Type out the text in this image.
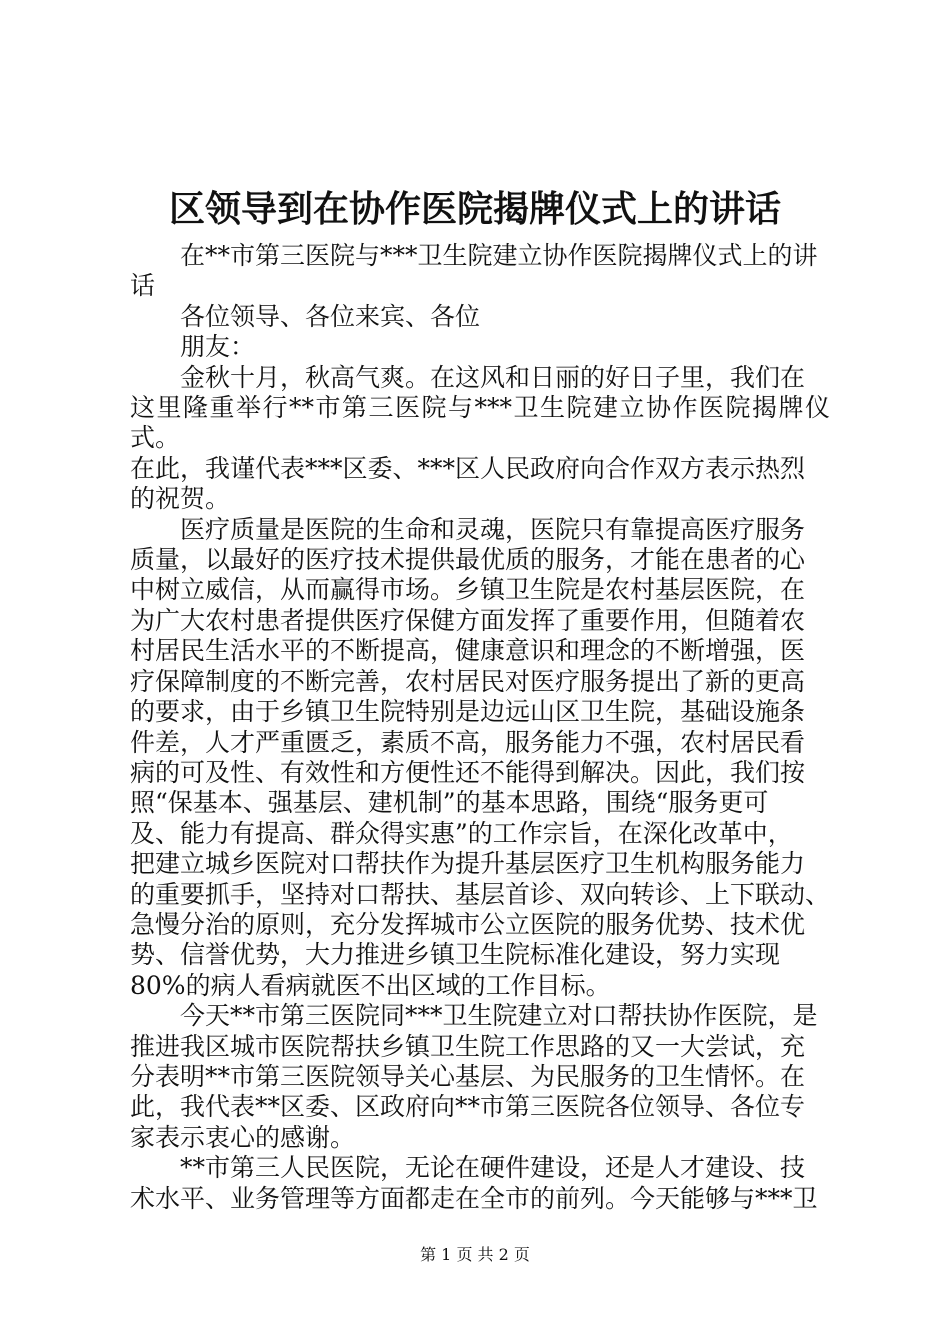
区领导到在协作医院揭牌仪式上的讲话

在**市第三医院与***卫生院建立协作医院揭牌仪式上的讲
话

各位领导、各位来宾、各位

朋友：

金秋十月，秋高气爽。在这风和日丽的好日子里，我们在
这里隆重举行**市第三医院与***卫生院建立协作医院揭牌仪式。
在此，我谨代表***区委、***区人民政府向合作双方表示热烈
的祝贺。

医疗质量是医院的生命和灵魂，医院只有靠提高医疗服务
质量，以最好的医疗技术提供最优质的服务，才能在患者的心
中树立威信，从而赢得市场。乡镇卫生院是农村基层医院，在
为广大农村患者提供医疗保健方面发挥了重要作用，但随着农
村居民生活水平的不断提高，健康意识和理念的不断增强，医
疗保障制度的不断完善，农村居民对医疗服务提出了新的更高
的要求，由于乡镇卫生院特别是边远山区卫生院，基础设施条
件差，人才严重匮乏，素质不高，服务能力不强，农村居民看
病的可及性、有效性和方便性还不能得到解决。因此，我们按
照“保基本、强基层、建机制”的基本思路，围绕“服务更可
及、能力有提高、群众得实惠”的工作宗旨，在深化改革中，
把建立城乡医院对口帮扶作为提升基层医疗卫生机构服务能力
的重要抓手，坚持对口帮扶、基层首诊、双向转诊、上下联动、
急慢分治的原则，充分发挥城市公立医院的服务优势、技术优
势、信誉优势，大力推进乡镇卫生院标准化建设，努力实现
80%的病人看病就医不出区域的工作目标。

今天**市第三医院同***卫生院建立对口帮扶协作医院，是
推进我区城市医院帮扶乡镇卫生院工作思路的又一大尝试，充
分表明**市第三医院领导关心基层、为民服务的卫生情怀。在
此，我代表**区委、区政府向**市第三医院各位领导、各位专
家表示衷心的感谢。

**市第三人民医院，无论在硬件建设，还是人才建设、技
术水平、业务管理等方面都走在全市的前列。今天能够与***卫

第 1 页 共 2 页
